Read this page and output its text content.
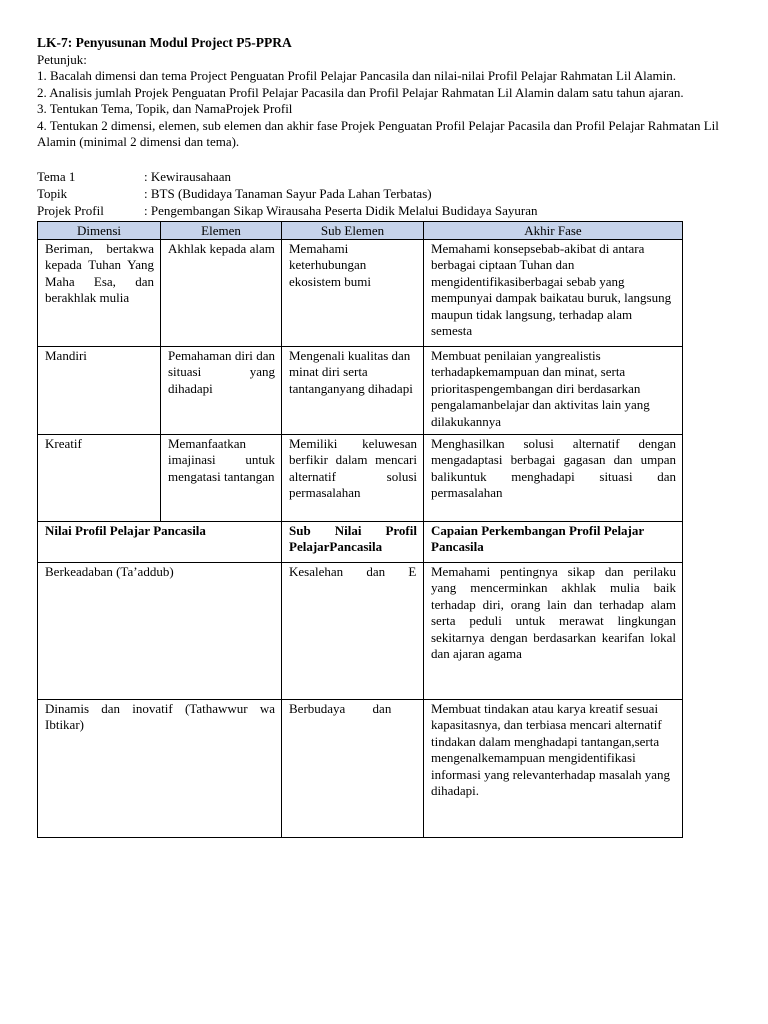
LK-7: Penyusunan Modul Project P5-PPRA

Petunjuk:

1. Bacalah dimensi dan tema Project Penguatan Profil Pelajar Pancasila dan nilai-nilai Profil Pelajar Rahmatan Lil Alamin.

2. Analisis jumlah Projek Penguatan Profil Pelajar Pacasila dan Profil Pelajar Rahmatan Lil Alamin dalam satu tahun ajaran.

3. Tentukan Tema, Topik, dan NamaProjek Profil

4. Tentukan 2 dimensi, elemen, sub elemen dan akhir fase Projek Penguatan Profil Pelajar Pacasila dan Profil Pelajar Rahmatan Lil Alamin (minimal 2 dimensi dan tema).

Tema 1	: Kewirausahaan
Topik	: BTS (Budidaya Tanaman Sayur Pada Lahan Terbatas)
Projek Profil	: Pengembangan Sikap Wirausaha Peserta Didik Melalui Budidaya Sayuran
Dimensi	Elemen	Sub Elemen	Akhir Fase
Beriman, bertakwa kepada Tuhan Yang Maha Esa, dan berakhlak mulia	Akhlak kepada alam	Memahami keterhubungan ekosistem bumi	Memahami konsepsebab-akibat di antara berbagai ciptaan Tuhan dan mengidentifikasiberbagai sebab yang mempunyai dampak baikatau buruk, langsung maupun tidak langsung, terhadap alam semesta
Mandiri	Pemahaman diri dan situasi yang dihadapi	Mengenali kualitas dan minat diri serta tantanganyang dihadapi	Membuat penilaian yangrealistis terhadapkemampuan dan minat, serta prioritaspengembangan diri berdasarkan pengalamanbelajar dan aktivitas lain yang dilakukannya
Kreatif	Memanfaatkan imajinasi untuk mengatasi tantangan	Memiliki keluwesan berfikir dalam mencari alternatif solusi permasalahan	Menghasilkan solusi alternatif dengan mengadaptasi berbagai gagasan dan umpan balikuntuk menghadapi situasi dan permasalahan
Nilai Profil Pelajar Pancasila		Sub Nilai Profil PelajarPancasila	Capaian Perkembangan Profil Pelajar Pancasila
Berkeadaban (Ta’addub)		Kesalehan dan E	Memahami pentingnya sikap dan perilaku yang mencerminkan akhlak mulia baik terhadap diri, orang lain dan terhadap alam serta peduli untuk merawat lingkungan sekitarnya dengan berdasarkan kearifan lokal dan ajaran agama
Dinamis dan inovatif (Tathawwur wa Ibtikar)		Berbudaya dan	Membuat tindakan atau karya kreatif sesuai kapasitasnya, dan terbiasa mencari alternatif tindakan dalam menghadapi tantangan,serta mengenalkemampuan mengidentifikasi informasi yang relevanterhadap masalah yang dihadapi.
